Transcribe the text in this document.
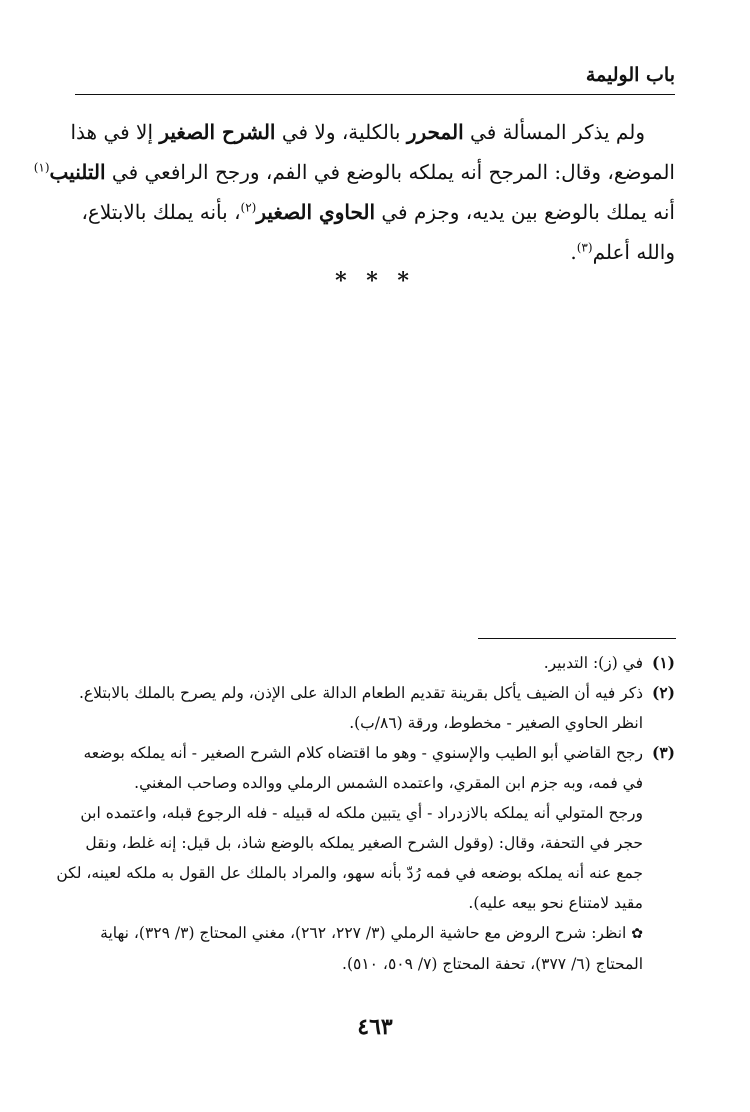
باب الوليمة
ولم يذكر المسألة في المحرر بالكلية، ولا في الشرح الصغير إلا في هذا
الموضع، وقال: المرجح أنه يملكه بالوضع في الفم، ورجح الرافعي في التلنيب$^{(١)}$
أنه يملك بالوضع بين يديه، وجزم في الحاوي الصغير$^{(٢)}$، بأنه يملك بالابتلاع،
والله أعلم$^{(٣)}$.
* * *
(١)
في (ز): التدبير.
(٢)
ذكر فيه أن الضيف يأكل بقرينة تقديم الطعام الدالة على الإذن، ولم يصرح بالملك بالابتلاع.
انظر الحاوي الصغير - مخطوط، ورقة (٨٦/ب).
(٣)
رجح القاضي أبو الطيب والإسنوي - وهو ما اقتضاه كلام الشرح الصغير - أنه يملكه بوضعه
في فمه، وبه جزم ابن المقري، واعتمده الشمس الرملي ووالده وصاحب المغني.
ورجح المتولي أنه يملكه بالازدراد - أي يتبين ملكه له قبيله - فله الرجوع قبله، واعتمده ابن
حجر في التحفة، وقال: (وقول الشرح الصغير يملكه بالوضع شاذ، بل قيل: إنه غلط، ونقل
جمع عنه أنه يملكه بوضعه في فمه رُدّ بأنه سهو، والمراد بالملك عل القول به ملكه لعينه، لكن
مقيد لامتناع نحو بيعه عليه).
✿ انظر: شرح الروض مع حاشية الرملي (٣/ ٢٢٧، ٢٦٢)، مغني المحتاج (٣/ ٣٢٩)، نهاية
المحتاج (٦/ ٣٧٧)، تحفة المحتاج (٧/ ٥٠٩، ٥١٠).
٤٦٣
